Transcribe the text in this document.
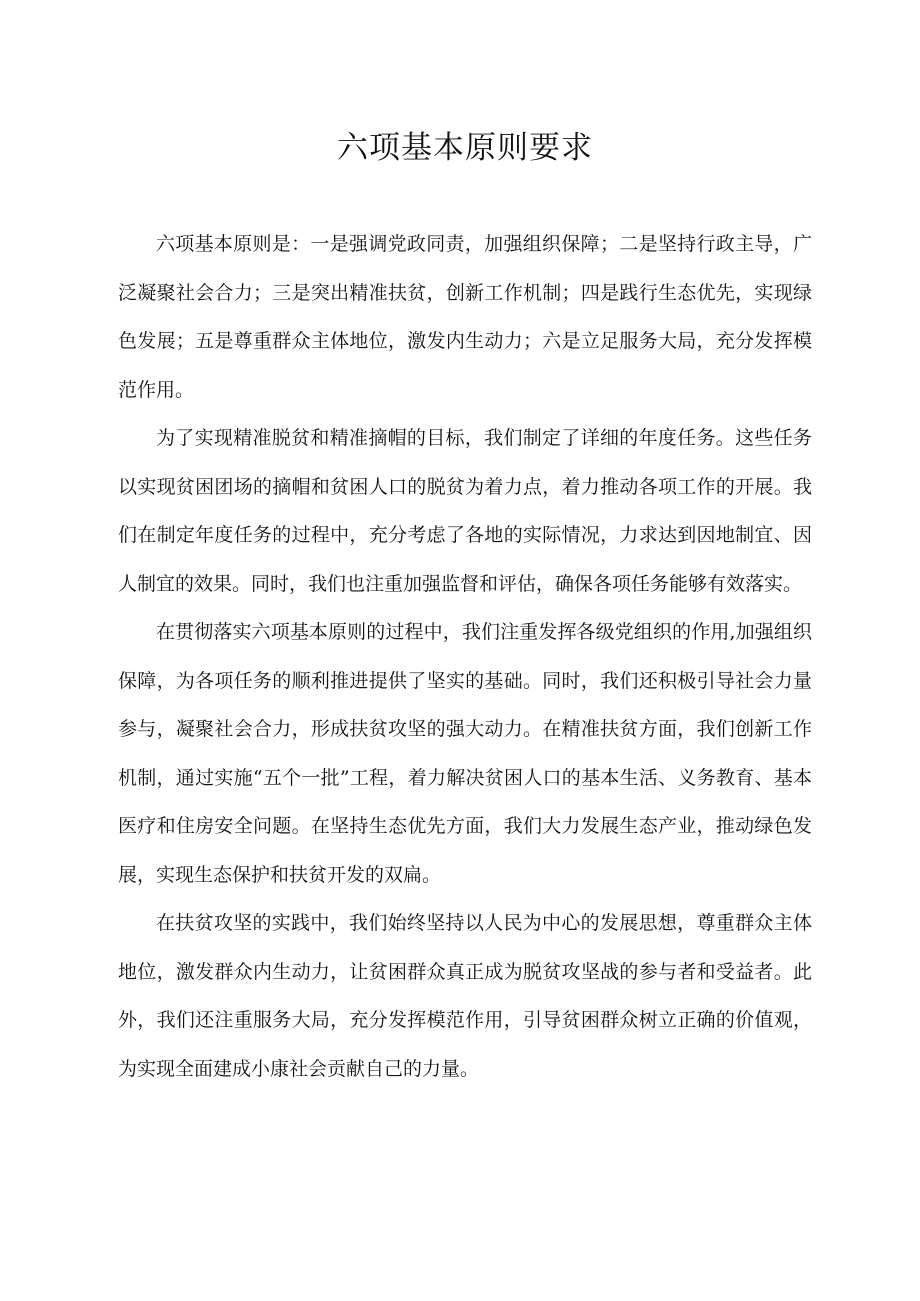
六项基本原则要求

六项基本原则是：一是强调党政同责，加强组织保障；二是坚持行政主导，广泛凝聚社会合力；三是突出精准扶贫，创新工作机制；四是践行生态优先，实现绿色发展；五是尊重群众主体地位，激发内生动力；六是立足服务大局，充分发挥模范作用。

为了实现精准脱贫和精准摘帽的目标，我们制定了详细的年度任务。这些任务以实现贫困团场的摘帽和贫困人口的脱贫为着力点，着力推动各项工作的开展。我们在制定年度任务的过程中，充分考虑了各地的实际情况，力求达到因地制宜、因人制宜的效果。同时，我们也注重加强监督和评估，确保各项任务能够有效落实。

在贯彻落实六项基本原则的过程中，我们注重发挥各级党组织的作用,加强组织保障，为各项任务的顺利推进提供了坚实的基础。同时，我们还积极引导社会力量参与，凝聚社会合力，形成扶贫攻坚的强大动力。在精准扶贫方面，我们创新工作机制，通过实施“五个一批”工程，着力解决贫困人口的基本生活、义务教育、基本医疗和住房安全问题。在坚持生态优先方面，我们大力发展生态产业，推动绿色发展，实现生态保护和扶贫开发的双扁。

在扶贫攻坚的实践中，我们始终坚持以人民为中心的发展思想，尊重群众主体地位，激发群众内生动力，让贫困群众真正成为脱贫攻坚战的参与者和受益者。此外，我们还注重服务大局，充分发挥模范作用，引导贫困群众树立正确的价值观，为实现全面建成小康社会贡献自己的力量。
